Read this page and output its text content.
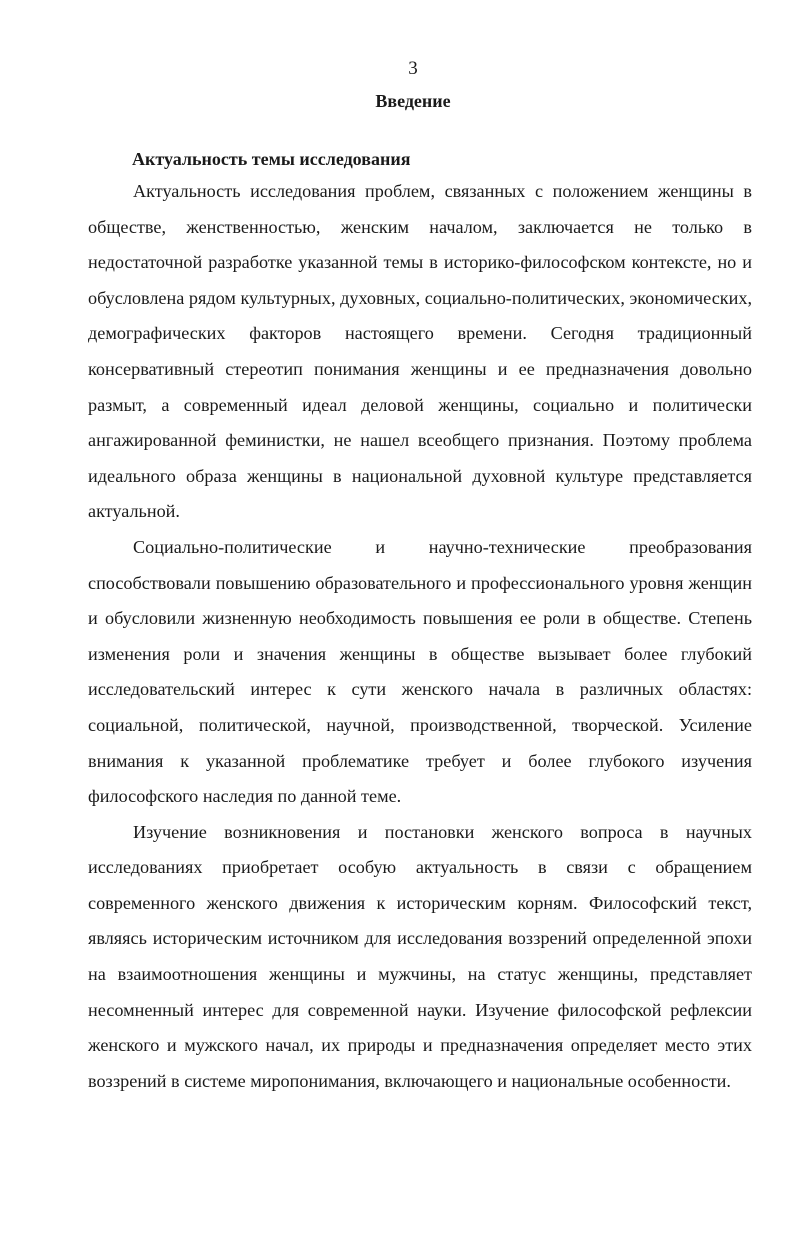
3
Введение
Актуальность темы исследования

Актуальность исследования проблем, связанных с положением женщины в обществе, женственностью, женским началом, заключается не только в недостаточной разработке указанной темы в историко-философском контексте, но и обусловлена рядом культурных, духовных, социально-политических, экономических, демографических факторов настоящего времени. Сегодня традиционный консервативный стереотип понимания женщины и ее предназначения довольно размыт, а современный идеал деловой женщины, социально и политически ангажированной феминистки, не нашел всеобщего признания. Поэтому проблема идеального образа женщины в национальной духовной культуре представляется актуальной.

Социально-политические и научно-технические преобразования способствовали повышению образовательного и профессионального уровня женщин и обусловили жизненную необходимость повышения ее роли в обществе. Степень изменения роли и значения женщины в обществе вызывает более глубокий исследовательский интерес к сути женского начала в различных областях: социальной, политической, научной, производственной, творческой. Усиление внимания к указанной проблематике требует и более глубокого изучения философского наследия по данной теме.

Изучение возникновения и постановки женского вопроса в научных исследованиях приобретает особую актуальность в связи с обращением современного женского движения к историческим корням. Философский текст, являясь историческим источником для исследования воззрений определенной эпохи на взаимоотношения женщины и мужчины, на статус женщины, представляет несомненный интерес для современной науки. Изучение философской рефлексии женского и мужского начал, их природы и предназначения определяет место этих воззрений в системе миропонимания, включающего и национальные особенности.
